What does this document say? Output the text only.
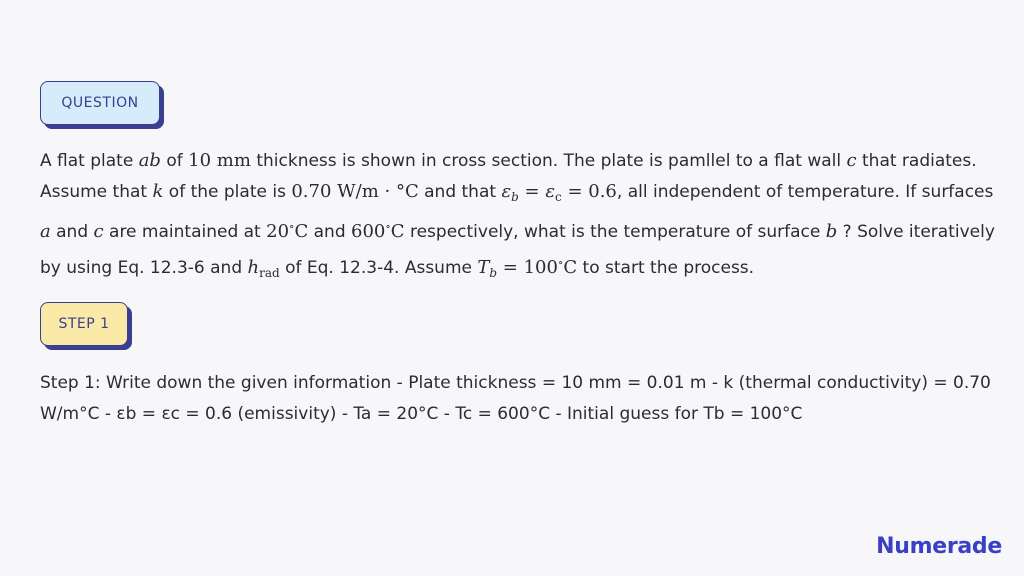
QUESTION
A flat plate ab of 10 mm thickness is shown in cross section. The plate is pamllel to a flat wall c that radiates. Assume that k of the plate is 0.70 W/m · °C and that $\varepsilon_b = \varepsilon_c = 0.6$, all independent of temperature. If surfaces a and c are maintained at 20∘C and 600∘C respectively, what is the temperature of surface b ? Solve iteratively by using Eq. 12.3-6 and $h_{rad}$ of Eq. 12.3-4. Assume $T_b = 100^\circ C$ to start the process.
STEP 1
Step 1: Write down the given information - Plate thickness = 10 mm = 0.01 m - k (thermal conductivity) = 0.70 W/m°C - εb = εc = 0.6 (emissivity) - Ta = 20°C - Tc = 600°C - Initial guess for Tb = 100°C
Numerade
